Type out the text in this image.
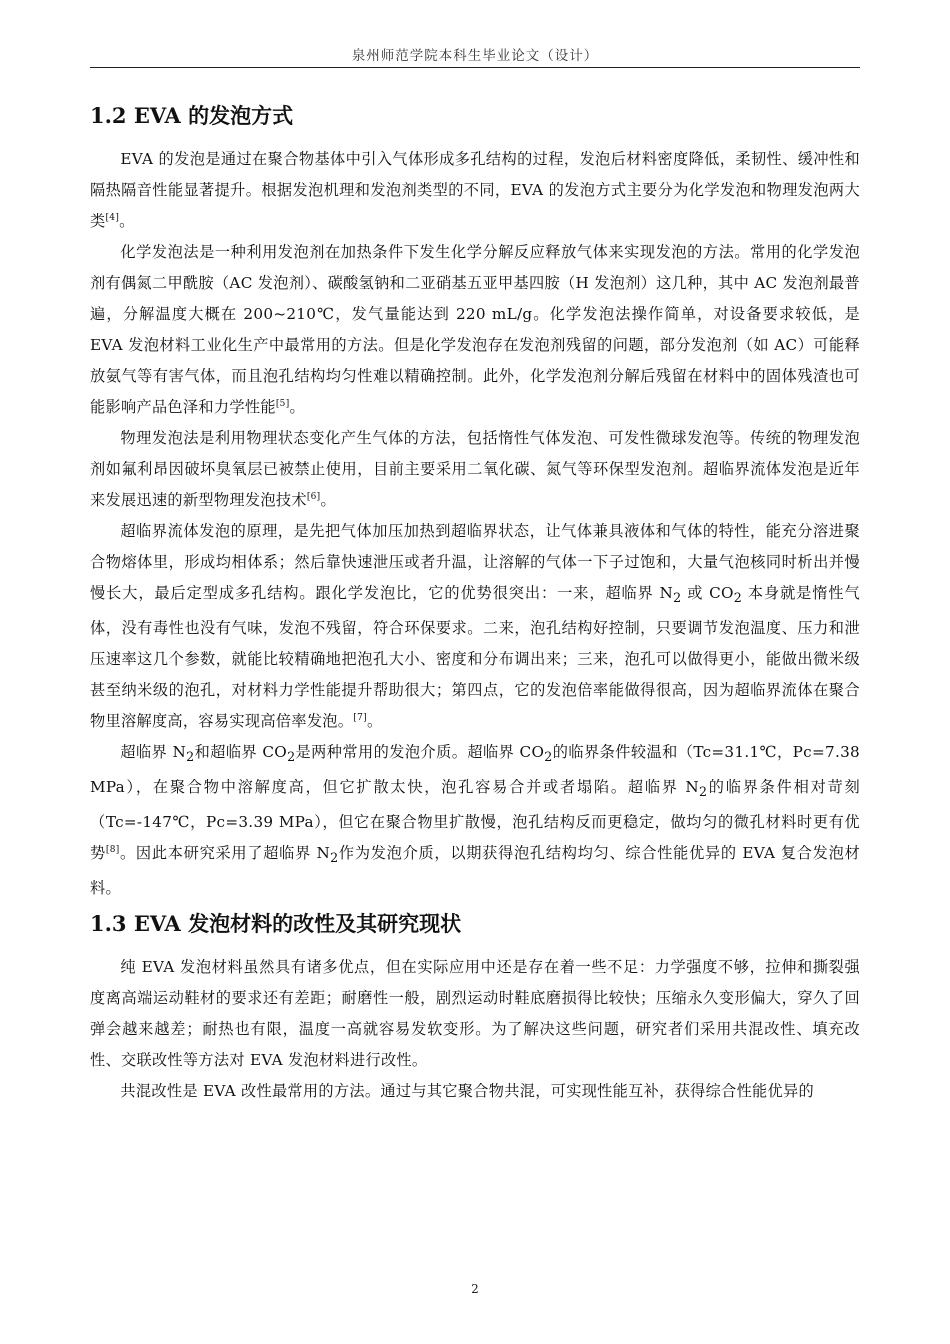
泉州师范学院本科生毕业论文（设计）
1.2 EVA 的发泡方式

EVA 的发泡是通过在聚合物基体中引入气体形成多孔结构的过程，发泡后材料密度降低，柔韧性、缓冲性和隔热隔音性能显著提升。根据发泡机理和发泡剂类型的不同，EVA 的发泡方式主要分为化学发泡和物理发泡两大类[4]。

化学发泡法是一种利用发泡剂在加热条件下发生化学分解反应释放气体来实现发泡的方法。常用的化学发泡剂有偶氮二甲酰胺（AC 发泡剂）、碳酸氢钠和二亚硝基五亚甲基四胺（H 发泡剂）这几种，其中 AC 发泡剂最普遍，分解温度大概在 200~210℃，发气量能达到 220 mL/g。化学发泡法操作简单，对设备要求较低，是 EVA 发泡材料工业化生产中最常用的方法。但是化学发泡存在发泡剂残留的问题，部分发泡剂（如 AC）可能释放氨气等有害气体，而且泡孔结构均匀性难以精确控制。此外，化学发泡剂分解后残留在材料中的固体残渣也可能影响产品色泽和力学性能[5]。

物理发泡法是利用物理状态变化产生气体的方法，包括惰性气体发泡、可发性微球发泡等。传统的物理发泡剂如氟利昂因破坏臭氧层已被禁止使用，目前主要采用二氧化碳、氮气等环保型发泡剂。超临界流体发泡是近年来发展迅速的新型物理发泡技术[6]。

超临界流体发泡的原理，是先把气体加压加热到超临界状态，让气体兼具液体和气体的特性，能充分溶进聚合物熔体里，形成均相体系；然后靠快速泄压或者升温，让溶解的气体一下子过饱和，大量气泡核同时析出并慢慢长大，最后定型成多孔结构。跟化学发泡比，它的优势很突出：一来，超临界 $N_2$ 或 $CO_2$ 本身就是惰性气体，没有毒性也没有气味，发泡不残留，符合环保要求。二来，泡孔结构好控制，只要调节发泡温度、压力和泄压速率这几个参数，就能比较精确地把泡孔大小、密度和分布调出来；三来，泡孔可以做得更小，能做出微米级甚至纳米级的泡孔，对材料力学性能提升帮助很大；第四点，它的发泡倍率能做得很高，因为超临界流体在聚合物里溶解度高，容易实现高倍率发泡。[7]。

超临界 $N_2$和超临界 $CO_2$是两种常用的发泡介质。超临界 $CO_2$的临界条件较温和（Tc=31.1℃，Pc=7.38 MPa），在聚合物中溶解度高，但它扩散太快，泡孔容易合并或者塌陷。超临界 $N_2$的临界条件相对苛刻（Tc=-147℃，Pc=3.39 MPa），但它在聚合物里扩散慢，泡孔结构反而更稳定，做均匀的微孔材料时更有优势[8]。因此本研究采用了超临界 $N_2$作为发泡介质，以期获得泡孔结构均匀、综合性能优异的 EVA 复合发泡材料。

1.3 EVA 发泡材料的改性及其研究现状

纯 EVA 发泡材料虽然具有诸多优点，但在实际应用中还是存在着一些不足：力学强度不够，拉伸和撕裂强度离高端运动鞋材的要求还有差距；耐磨性一般，剧烈运动时鞋底磨损得比较快；压缩永久变形偏大，穿久了回弹会越来越差；耐热也有限，温度一高就容易发软变形。为了解决这些问题，研究者们采用共混改性、填充改性、交联改性等方法对 EVA 发泡材料进行改性。

共混改性是 EVA 改性最常用的方法。通过与其它聚合物共混，可实现性能互补，获得综合性能优异的

2
